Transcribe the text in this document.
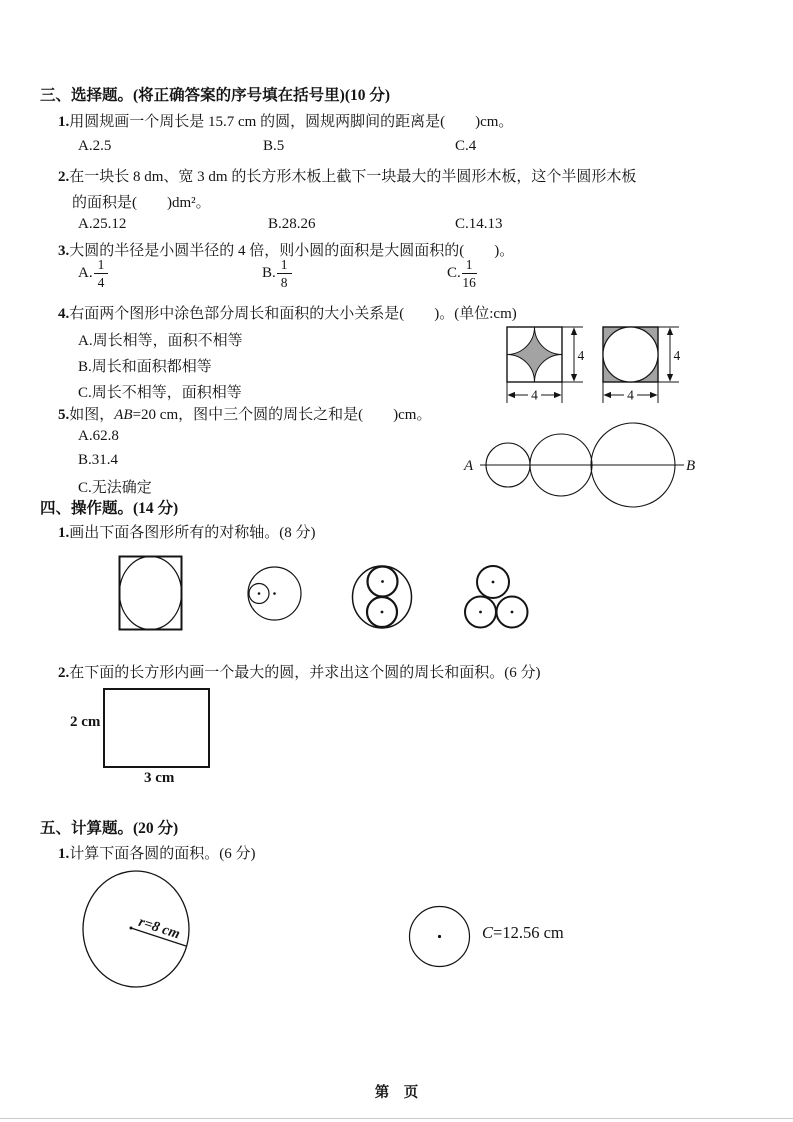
三、选择题。(将正确答案的序号填在括号里)(10 分)
1.用圆规画一个周长是 15.7 cm 的圆，圆规两脚间的距离是(　　)cm。
A.2.5	B.5	C.4
2.在一块长 8 dm、宽 3 dm 的长方形木板上截下一块最大的半圆形木板，这个半圆形木板
的面积是(　　)dm²。
A.25.12	B.28.26	C.14.13
3.大圆的半径是小圆半径的 4 倍，则小圆的面积是大圆面积的(　　)。
A. $\frac{1}{4}$	B. $\frac{1}{8}$	C. $\frac{1}{16}$
4.右面两个图形中涂色部分周长和面积的大小关系是(　　)。(单位:cm)
A.周长相等，面积不相等
B.周长和面积都相等
C.周长不相等，面积相等
4
4
4
4
5.如图，AB=20 cm，图中三个圆的周长之和是(　　)cm。
A.62.8
B.31.4
C.无法确定
A	B
四、操作题。(14 分)
1.画出下面各图形所有的对称轴。(8 分)
2.在下面的长方形内画一个最大的圆，并求出这个圆的周长和面积。(6 分)
2 cm
3 cm
五、计算题。(20 分)
1.计算下面各圆的面积。(6 分)
r=8 cm	C=12.56 cm
第　页
